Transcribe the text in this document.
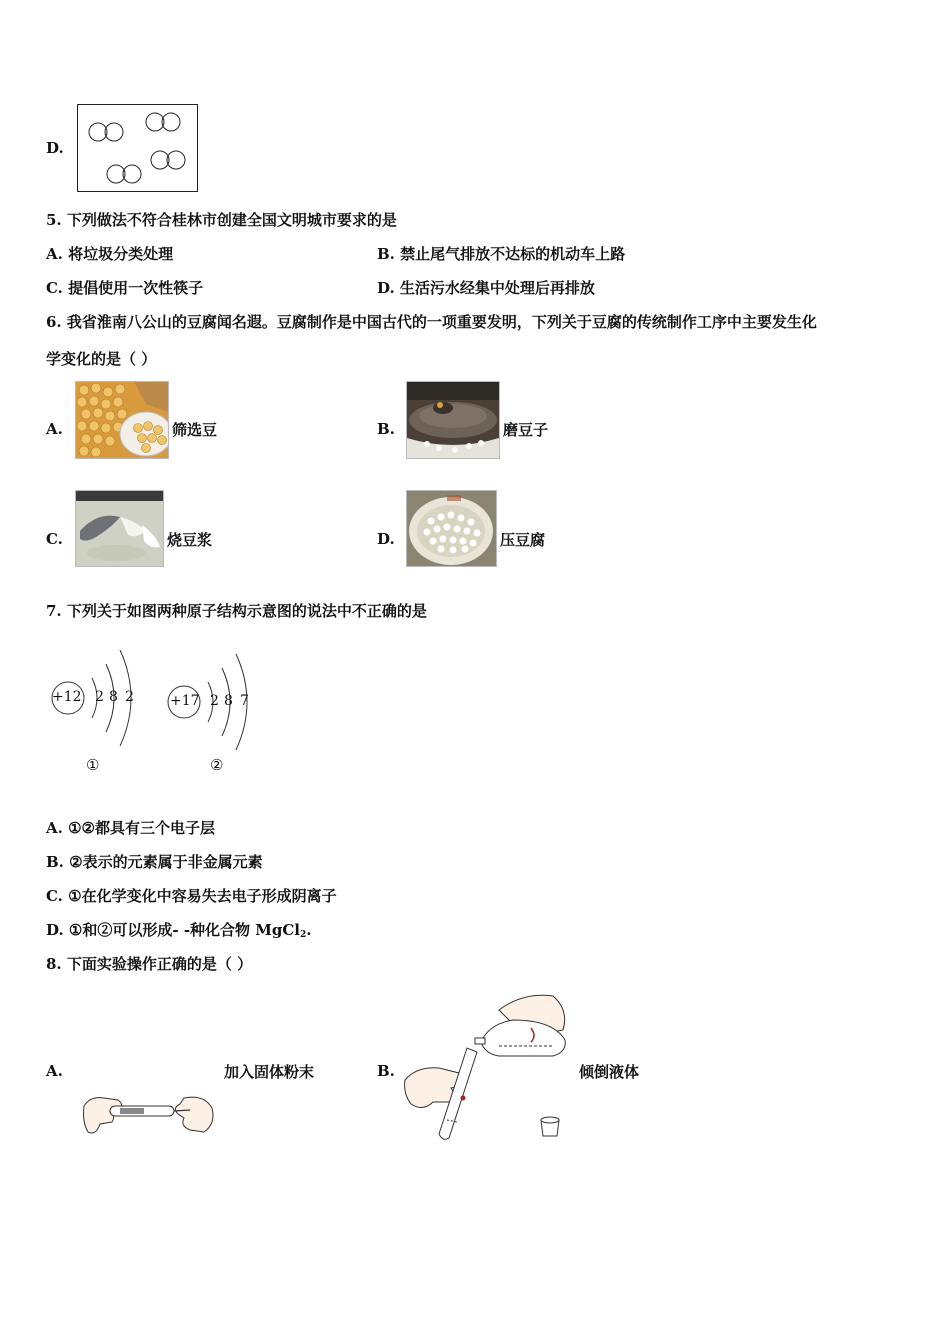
D.
5. 下列做法不符合桂林市创建全国文明城市要求的是
A. 将垃圾分类处理	B. 禁止尾气排放不达标的机动车上路
C. 提倡使用一次性筷子	D. 生活污水经集中处理后再排放
6. 我省淮南八公山的豆腐闻名遐。豆腐制作是中国古代的一项重要发明，下列关于豆腐的传统制作工序中主要发生化
学变化的是（ ）
A.	筛选豆	B.	磨豆子
C.	烧豆浆	D.	压豆腐
7. 下列关于如图两种原子结构示意图的说法中不正确的是
+12 2 8 2
①
+17 2 8 7
②
A. ①②都具有三个电子层
B. ②表示的元素属于非金属元素
C. ①在化学变化中容易失去电子形成阴离子
D. ①和②可以形成- -种化合物 MgCl$_2$.
8. 下面实验操作正确的是（ ）
A.	加入固体粉末	B.	倾倒液体
